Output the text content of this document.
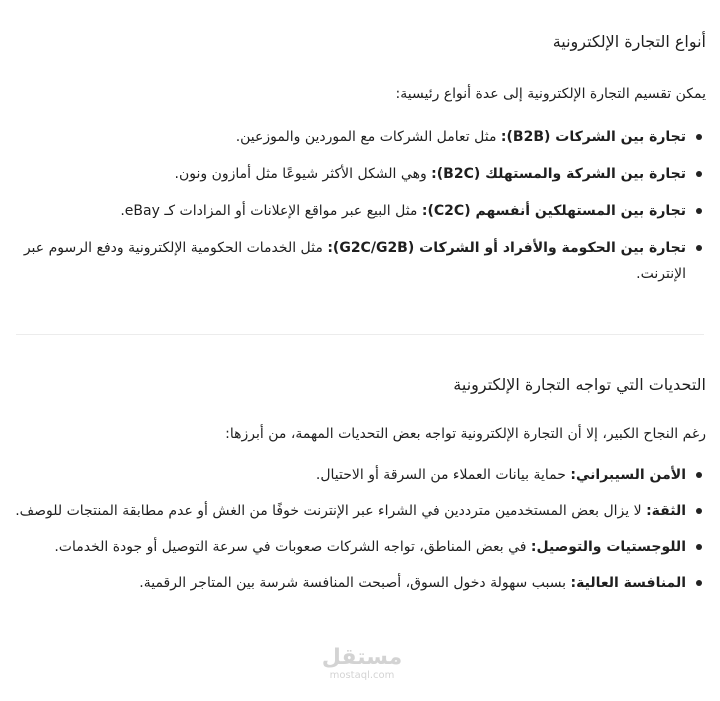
أنواع التجارة الإلكترونية

يمكن تقسيم التجارة الإلكترونية إلى عدة أنواع رئيسية:

تجارة بين الشركات (B2B): مثل تعامل الشركات مع الموردين والموزعين.
تجارة بين الشركة والمستهلك (B2C): وهي الشكل الأكثر شيوعًا مثل أمازون ونون.
تجارة بين المستهلكين أنفسهم (C2C): مثل البيع عبر مواقع الإعلانات أو المزادات كـ eBay.
تجارة بين الحكومة والأفراد أو الشركات (G2C/G2B): مثل الخدمات الحكومية الإلكترونية ودفع الرسوم عبر الإنترنت.
التحديات التي تواجه التجارة الإلكترونية

رغم النجاح الكبير، إلا أن التجارة الإلكترونية تواجه بعض التحديات المهمة، من أبرزها:

الأمن السيبراني: حماية بيانات العملاء من السرقة أو الاحتيال.
الثقة: لا يزال بعض المستخدمين مترددين في الشراء عبر الإنترنت خوفًا من الغش أو عدم مطابقة المنتجات للوصف.
اللوجستيات والتوصيل: في بعض المناطق، تواجه الشركات صعوبات في سرعة التوصيل أو جودة الخدمات.
المنافسة العالية: بسبب سهولة دخول السوق، أصبحت المنافسة شرسة بين المتاجر الرقمية.
مستقل
mostaql.com
